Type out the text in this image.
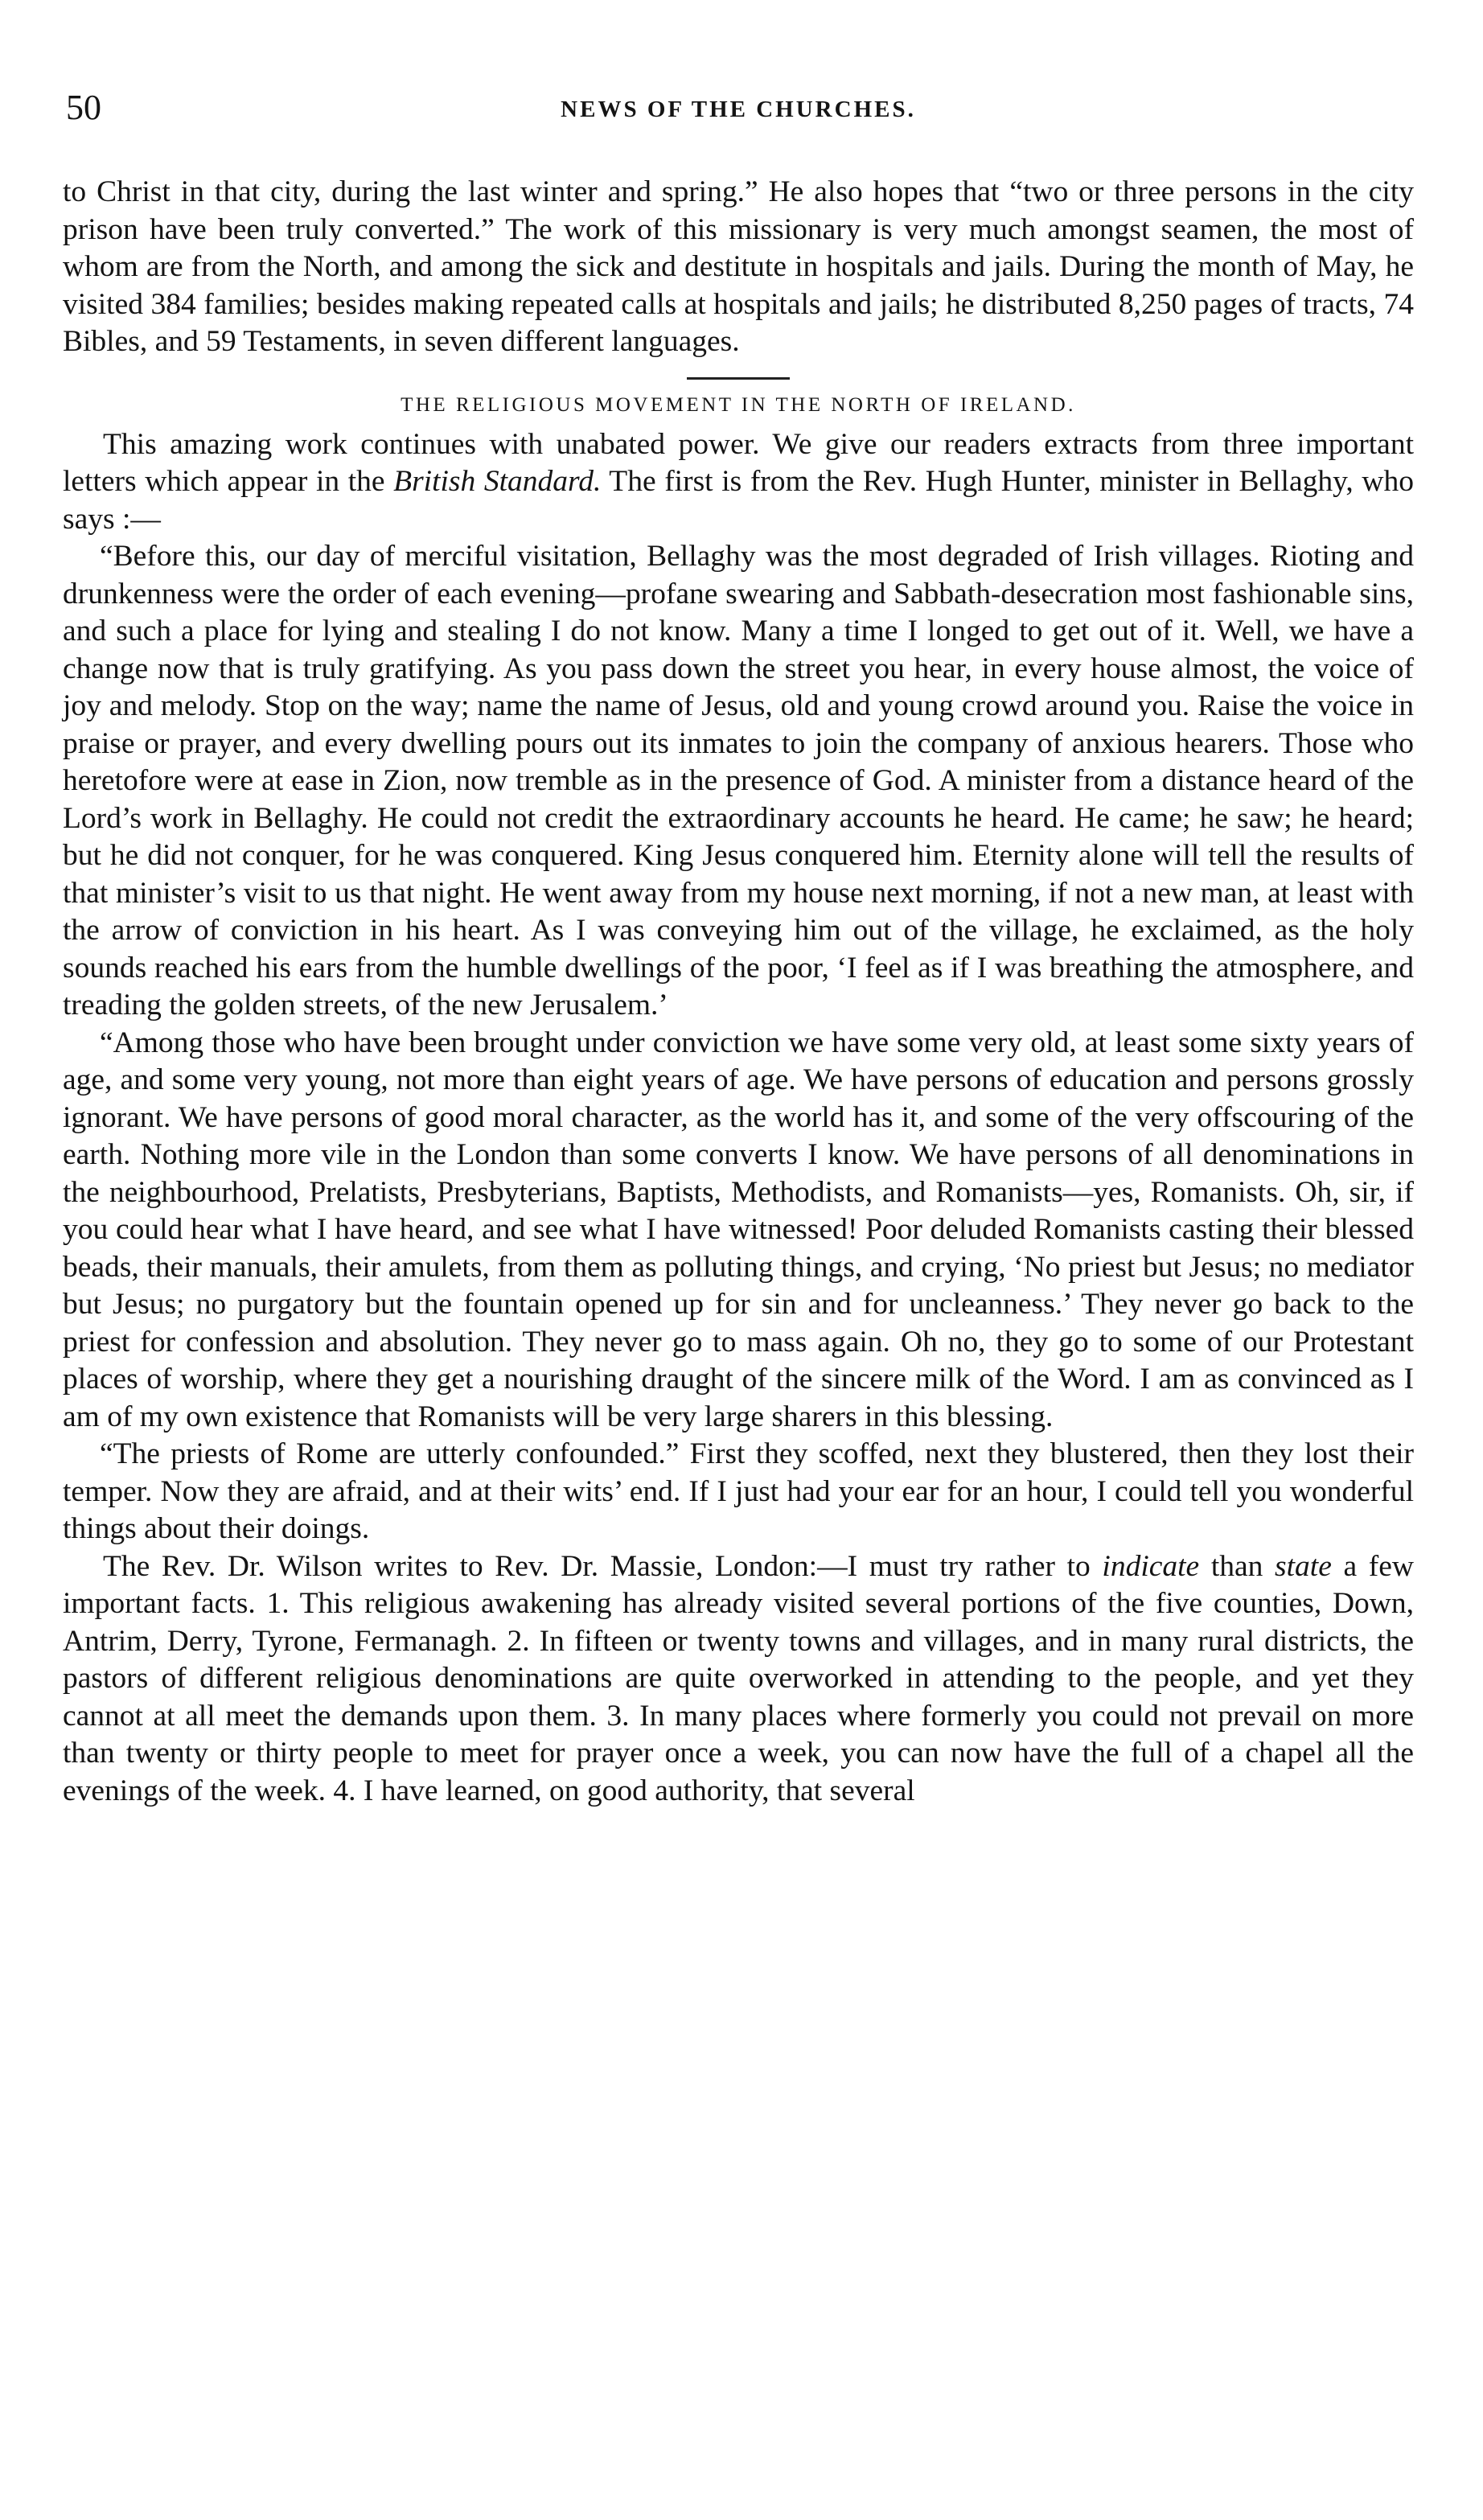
50	NEWS OF THE CHURCHES.

to Christ in that city, during the last winter and spring.” He also hopes that “two or three persons in the city prison have been truly converted.” The work of this missionary is very much amongst seamen, the most of whom are from the North, and among the sick and destitute in hospitals and jails. During the month of May, he visited 384 families; besides making repeated calls at hospitals and jails; he distributed 8,250 pages of tracts, 74 Bibles, and 59 Testaments, in seven different languages.

THE RELIGIOUS MOVEMENT IN THE NORTH OF IRELAND.

This amazing work continues with unabated power. We give our readers extracts from three important letters which appear in the British Standard. The first is from the Rev. Hugh Hunter, minister in Bellaghy, who says :—

“Before this, our day of merciful visitation, Bellaghy was the most degraded of Irish villages. Rioting and drunkenness were the order of each evening—profane swearing and Sabbath-desecration most fashionable sins, and such a place for lying and stealing I do not know. Many a time I longed to get out of it. Well, we have a change now that is truly gratifying. As you pass down the street you hear, in every house almost, the voice of joy and melody. Stop on the way; name the name of Jesus, old and young crowd around you. Raise the voice in praise or prayer, and every dwelling pours out its inmates to join the company of anxious hearers. Those who heretofore were at ease in Zion, now tremble as in the presence of God. A minister from a distance heard of the Lord’s work in Bellaghy. He could not credit the extraordinary accounts he heard. He came; he saw; he heard; but he did not conquer, for he was conquered. King Jesus conquered him. Eternity alone will tell the results of that minister’s visit to us that night. He went away from my house next morning, if not a new man, at least with the arrow of conviction in his heart. As I was conveying him out of the village, he exclaimed, as the holy sounds reached his ears from the humble dwellings of the poor, ‘I feel as if I was breathing the atmosphere, and treading the golden streets, of the new Jerusalem.’

“Among those who have been brought under conviction we have some very old, at least some sixty years of age, and some very young, not more than eight years of age. We have persons of education and persons grossly ignorant. We have persons of good moral character, as the world has it, and some of the very offscouring of the earth. Nothing more vile in the London than some converts I know. We have persons of all denominations in the neighbourhood, Prelatists, Presbyterians, Baptists, Methodists, and Romanists—yes, Romanists. Oh, sir, if you could hear what I have heard, and see what I have witnessed! Poor deluded Romanists casting their blessed beads, their manuals, their amulets, from them as polluting things, and crying, ‘No priest but Jesus; no mediator but Jesus; no purgatory but the fountain opened up for sin and for uncleanness.’ They never go back to the priest for confession and absolution. They never go to mass again. Oh no, they go to some of our Protestant places of worship, where they get a nourishing draught of the sincere milk of the Word. I am as convinced as I am of my own existence that Romanists will be very large sharers in this blessing.

“The priests of Rome are utterly confounded.” First they scoffed, next they blustered, then they lost their temper. Now they are afraid, and at their wits’ end. If I just had your ear for an hour, I could tell you wonderful things about their doings.

The Rev. Dr. Wilson writes to Rev. Dr. Massie, London:—I must try rather to indicate than state a few important facts. 1. This religious awakening has already visited several portions of the five counties, Down, Antrim, Derry, Tyrone, Fermanagh. 2. In fifteen or twenty towns and villages, and in many rural districts, the pastors of different religious denominations are quite overworked in attending to the people, and yet they cannot at all meet the demands upon them. 3. In many places where formerly you could not prevail on more than twenty or thirty people to meet for prayer once a week, you can now have the full of a chapel all the evenings of the week. 4. I have learned, on good authority, that several
